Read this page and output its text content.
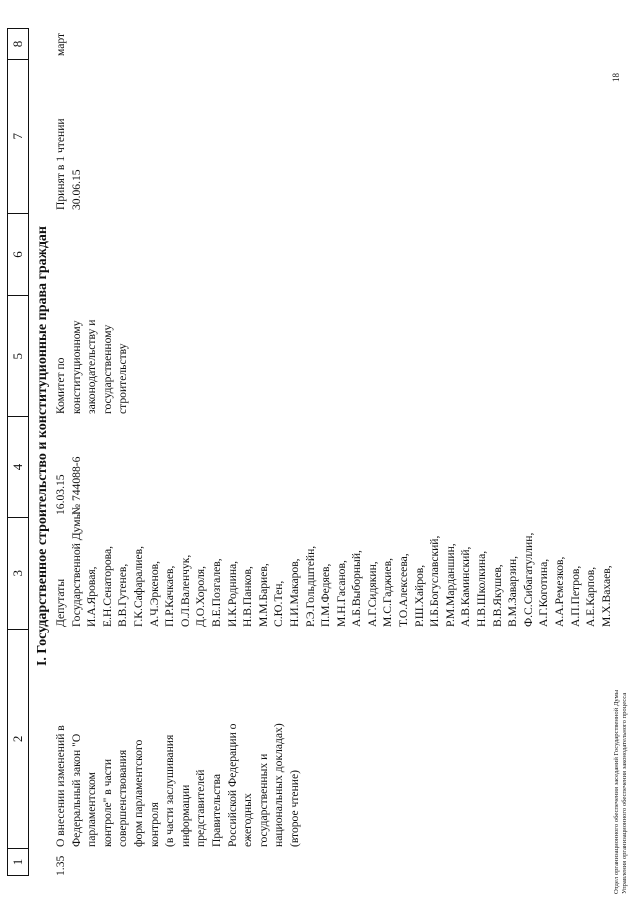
1
2
3
4
5
6
7
8
I. Государственное строительство и конституционные права граждан
1.35
О внесении изменений в Федеральный закон "О парламентском контроле" в части совершенствования форм парламентского контроля (в части заслушивания информации представителей Правительства Российской Федерации о ежегодных государственных и национальных докладах) (второе чтение)
Депутаты Государственной Думы И.А.Яровая, Е.Н.Сенаторова, В.В.Гутенев, Г.К.Сафаралиев, А.Ч.Эркенов, П.Р.Качкаев, О.Л.Валенчук, Д.О.Хороля, В.Е.Позгалев, И.К.Роднина, Н.В.Панков, М.М.Бариев, С.Ю.Тен, Н.И.Макаров, Р.Э.Гольдштейн, П.М.Федяев, М.Н.Гасанов, А.Б.Выборный, А.Г.Сидякин, М.С.Гаджиев, Т.О.Алексеева, Р.Ш.Хайров, И.Б.Богуславский, Р.М.Марданшин, А.В.Каминский, Н.В.Школкина, В.В.Якушев, В.М.Заварзин, Ф.С.Сибагатуллин, А.Г.Коготина, А.А.Ремезков, А.П.Петров, А.Е.Карпов, М.Х.Вахаев,
16.03.15 № 744088-6
Комитет по конституционному законодательству и государственному строительству
Принят в 1 чтении 30.06.15
март
Отдел организационного обеспечения заседаний Государственной Думы Управления организационного обеспечения законодательного процесса
18
